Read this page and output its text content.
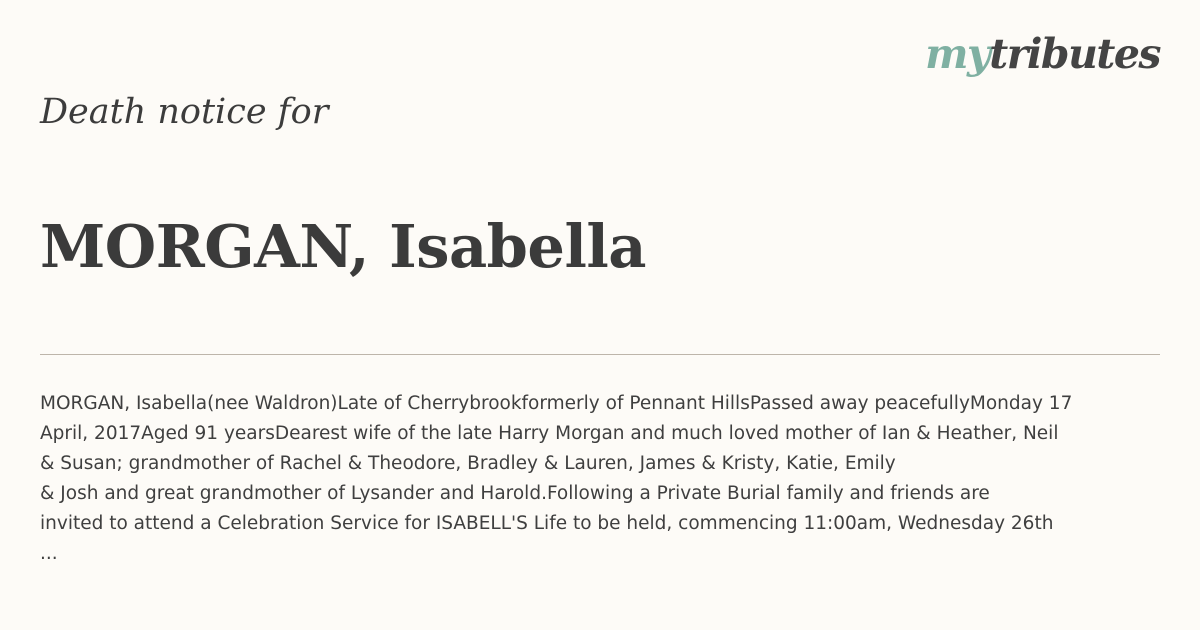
mytributes
Death notice for
MORGAN, Isabella
MORGAN, Isabella(nee Waldron)Late of Cherrybrookformerly of Pennant HillsPassed away peacefullyMonday 17
April, 2017Aged 91 yearsDearest wife of the late Harry Morgan and much loved mother of Ian & Heather, Neil
& Susan; grandmother of Rachel & Theodore, Bradley & Lauren, James & Kristy, Katie, Emily
& Josh and great grandmother of Lysander and Harold.Following a Private Burial family and friends are
invited to attend a Celebration Service for ISABELL'S Life to be held, commencing 11:00am, Wednesday 26th
...
